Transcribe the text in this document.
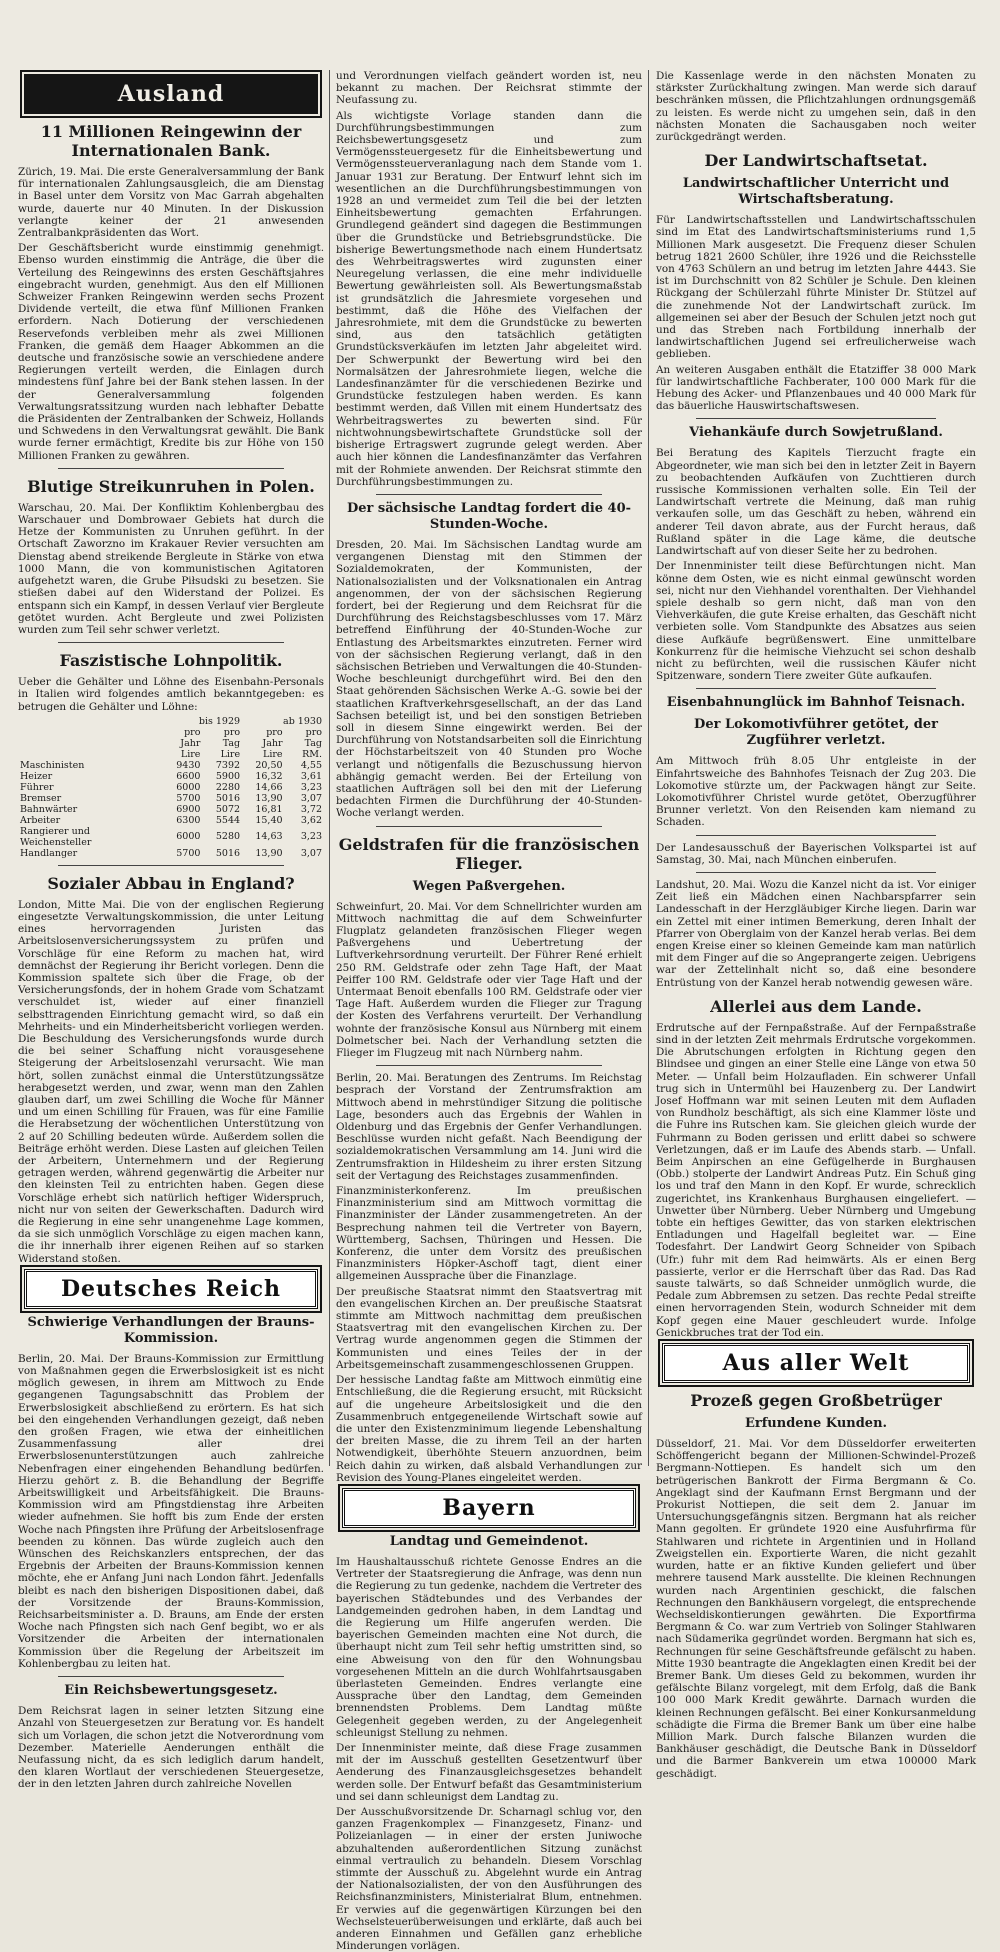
Ausland
11 Millionen Reingewinn der Internationalen Bank.

Zürich, 19. Mai. Die erste Generalversammlung der Bank für internationalen Zahlungsausgleich, die am Dienstag in Basel unter dem Vorsitz von Mac Garrah abgehalten wurde, dauerte nur 40 Minuten. In der Diskussion verlangte keiner der 21 anwesenden Zentralbankpräsidenten das Wort.

Der Geschäftsbericht wurde einstimmig genehmigt. Ebenso wurden einstimmig die Anträge, die über die Verteilung des Reingewinns des ersten Geschäftsjahres eingebracht wurden, genehmigt. Aus den elf Millionen Schweizer Franken Reingewinn werden sechs Prozent Dividende verteilt, die etwa fünf Millionen Franken erfordern. Nach Dotierung der verschiedenen Reservefonds verbleiben mehr als zwei Millionen Franken, die gemäß dem Haager Abkommen an die deutsche und französische sowie an verschiedene andere Regierungen verteilt werden, die Einlagen durch mindestens fünf Jahre bei der Bank stehen lassen. In der der Generalversammlung folgenden Verwaltungsratssitzung wurden nach lebhafter Debatte die Präsidenten der Zentralbanken der Schweiz, Hollands und Schwedens in den Verwaltungsrat gewählt. Die Bank wurde ferner ermächtigt, Kredite bis zur Höhe von 150 Millionen Franken zu gewähren.

Blutige Streikunruhen in Polen.

Warschau, 20. Mai. Der Konfliktim Kohlenbergbau des Warschauer und Dombrowaer Gebiets hat durch die Hetze der Kommunisten zu Unruhen geführt. In der Ortschaft Zaworzno im Krakauer Revier versuchten am Dienstag abend streikende Bergleute in Stärke von etwa 1000 Mann, die von kommunistischen Agitatoren aufgehetzt waren, die Grube Piłsudski zu besetzen. Sie stießen dabei auf den Widerstand der Polizei. Es entspann sich ein Kampf, in dessen Verlauf vier Bergleute getötet wurden. Acht Bergleute und zwei Polizisten wurden zum Teil sehr schwer verletzt.

Faszistische Lohnpolitik.

Ueber die Gehälter und Löhne des Eisenbahn-Personals in Italien wird folgendes amtlich bekanntgegeben: es betrugen die Gehälter und Löhne:

	bis 1929		ab 1930	
	pro Jahr	pro Tag	pro Jahr	pro Tag
	Lire	Lire	Lire	RM.
Maschinisten	9430	7392	20,50	4,55
Heizer	6600	5900	16,32	3,61
Führer	6000	2280	14,66	3,23
Bremser	5700	5016	13,90	3,07
Bahnwärter	6900	5072	16,81	3,72
Arbeiter	6300	5544	15,40	3,62
Rangierer und Weichensteller	6000	5280	14,63	3,23
Handlanger	5700	5016	13,90	3,07
Sozialer Abbau in England?

London, Mitte Mai. Die von der englischen Regierung eingesetzte Verwaltungskommission, die unter Leitung eines hervorragenden Juristen das Arbeitslosenversicherungssystem zu prüfen und Vorschläge für eine Reform zu machen hat, wird demnächst der Regierung ihr Bericht vorlegen. Denn die Kommission spaltete sich über die Frage, ob der Versicherungsfonds, der in hohem Grade vom Schatzamt verschuldet ist, wieder auf einer finanziell selbsttragenden Einrichtung gemacht wird, so daß ein Mehrheits- und ein Minderheitsbericht vorliegen werden. Die Beschuldung des Versicherungsfonds wurde durch die bei seiner Schaffung nicht vorausgesehene Steigerung der Arbeitslosenzahl verursacht. Wie man hört, sollen zunächst einmal die Unterstützungssätze herabgesetzt werden, und zwar, wenn man den Zahlen glauben darf, um zwei Schilling die Woche für Männer und um einen Schilling für Frauen, was für eine Familie die Herabsetzung der wöchentlichen Unterstützung von 2 auf 20 Schilling bedeuten würde. Außerdem sollen die Beiträge erhöht werden. Diese Lasten auf gleichen Teilen der Arbeitern, Unternehmern und der Regierung getragen werden, während gegenwärtig die Arbeiter nur den kleinsten Teil zu entrichten haben. Gegen diese Vorschläge erhebt sich natürlich heftiger Widerspruch, nicht nur von seiten der Gewerkschaften. Dadurch wird die Regierung in eine sehr unangenehme Lage kommen, da sie sich unmöglich Vorschläge zu eigen machen kann, die ihr innerhalb ihrer eigenen Reihen auf so starken Widerstand stoßen.

Deutsches Reich
Schwierige Verhandlungen der Brauns-Kommission.

Berlin, 20. Mai. Der Brauns-Kommission zur Ermittlung von Maßnahmen gegen die Erwerbslosigkeit ist es nicht möglich gewesen, in ihrem am Mittwoch zu Ende gegangenen Tagungsabschnitt das Problem der Erwerbslosigkeit abschließend zu erörtern. Es hat sich bei den eingehenden Verhandlungen gezeigt, daß neben den großen Fragen, wie etwa der einheitlichen Zusammenfassung aller drei Erwerbslosenunterstützungen auch zahlreiche Nebenfragen einer eingehenden Behandlung bedürfen. Hierzu gehört z. B. die Behandlung der Begriffe Arbeitswilligkeit und Arbeitsfähigkeit. Die Brauns-Kommission wird am Pfingstdienstag ihre Arbeiten wieder aufnehmen. Sie hofft bis zum Ende der ersten Woche nach Pfingsten ihre Prüfung der Arbeitslosenfrage beenden zu können. Das würde zugleich auch den Wünschen des Reichskanzlers entsprechen, der das Ergebnis der Arbeiten der Brauns-Kommission kennen möchte, ehe er Anfang Juni nach London fährt. Jedenfalls bleibt es nach den bisherigen Dispositionen dabei, daß der Vorsitzende der Brauns-Kommission, Reichsarbeitsminister a. D. Brauns, am Ende der ersten Woche nach Pfingsten sich nach Genf begibt, wo er als Vorsitzender die Arbeiten der internationalen Kommission über die Regelung der Arbeitszeit im Kohlenbergbau zu leiten hat.

Ein Reichsbewertungsgesetz.

Dem Reichsrat lagen in seiner letzten Sitzung eine Anzahl von Steuergesetzen zur Beratung vor. Es handelt sich um Vorlagen, die schon jetzt die Notverordnung vom Dezember. Materielle Aenderungen enthält die Neufassung nicht, da es sich lediglich darum handelt, den klaren Wortlaut der verschiedenen Steuergesetze, der in den letzten Jahren durch zahlreiche Novellen

und Verordnungen vielfach geändert worden ist, neu bekannt zu machen. Der Reichsrat stimmte der Neufassung zu.

Als wichtigste Vorlage standen dann die Durchführungsbestimmungen zum Reichsbewertungsgesetz und zum Vermögenssteuergesetz für die Einheitsbewertung und Vermögenssteuerveranlagung nach dem Stande vom 1. Januar 1931 zur Beratung. Der Entwurf lehnt sich im wesentlichen an die Durchführungsbestimmungen von 1928 an und vermeidet zum Teil die bei der letzten Einheitsbewertung gemachten Erfahrungen. Grundlegend geändert sind dagegen die Bestimmungen über die Grundstücke und Betriebsgrundstücke. Die bisherige Bewertungsmethode nach einem Hundertsatz des Wehrbeitragswertes wird zugunsten einer Neuregelung verlassen, die eine mehr individuelle Bewertung gewährleisten soll. Als Bewertungsmaßstab ist grundsätzlich die Jahresmiete vorgesehen und bestimmt, daß die Höhe des Vielfachen der Jahresrohmiete, mit dem die Grundstücke zu bewerten sind, aus den tatsächlich getätigten Grundstücksverkäufen im letzten Jahr abgeleitet wird. Der Schwerpunkt der Bewertung wird bei den Normalsätzen der Jahresrohmiete liegen, welche die Landesfinanzämter für die verschiedenen Bezirke und Grundstücke festzulegen haben werden. Es kann bestimmt werden, daß Villen mit einem Hundertsatz des Wehrbeitragswertes zu bewerten sind. Für nichtwohnungsbewirtschaftete Grundstücke soll der bisherige Ertragswert zugrunde gelegt werden. Aber auch hier können die Landesfinanzämter das Verfahren mit der Rohmiete anwenden. Der Reichsrat stimmte den Durchführungsbestimmungen zu.

Der sächsische Landtag fordert die 40-Stunden-Woche.

Dresden, 20. Mai. Im Sächsischen Landtag wurde am vergangenen Dienstag mit den Stimmen der Sozialdemokraten, der Kommunisten, der Nationalsozialisten und der Volksnationalen ein Antrag angenommen, der von der sächsischen Regierung fordert, bei der Regierung und dem Reichsrat für die Durchführung des Reichstagsbeschlusses vom 17. März betreffend Einführung der 40-Stunden-Woche zur Entlastung des Arbeitsmarktes einzutreten. Ferner wird von der sächsischen Regierung verlangt, daß in den sächsischen Betrieben und Verwaltungen die 40-Stunden-Woche beschleunigt durchgeführt wird. Bei den den Staat gehörenden Sächsischen Werke A.-G. sowie bei der staatlichen Kraftverkehrsgesellschaft, an der das Land Sachsen beteiligt ist, und bei den sonstigen Betrieben soll in diesem Sinne eingewirkt werden. Bei der Durchführung von Notstandsarbeiten soll die Einrichtung der Höchstarbeitszeit von 40 Stunden pro Woche verlangt und nötigenfalls die Bezuschussung hiervon abhängig gemacht werden. Bei der Erteilung von staatlichen Aufträgen soll bei den mit der Lieferung bedachten Firmen die Durchführung der 40-Stunden-Woche verlangt werden.

Geldstrafen für die französischen Flieger.
Wegen Paßvergehen.

Schweinfurt, 20. Mai. Vor dem Schnellrichter wurden am Mittwoch nachmittag die auf dem Schweinfurter Flugplatz gelandeten französischen Flieger wegen Paßvergehens und Uebertretung der Luftverkehrsordnung verurteilt. Der Führer René erhielt 250 RM. Geldstrafe oder zehn Tage Haft, der Maat Peiffer 100 RM. Geldstrafe oder vier Tage Haft und der Untermaat Benoit ebenfalls 100 RM. Geldstrafe oder vier Tage Haft. Außerdem wurden die Flieger zur Tragung der Kosten des Verfahrens verurteilt. Der Verhandlung wohnte der französische Konsul aus Nürnberg mit einem Dolmetscher bei. Nach der Verhandlung setzten die Flieger im Flugzeug mit nach Nürnberg nahm.

Berlin, 20. Mai. Beratungen des Zentrums. Im Reichstag besprach der Vorstand der Zentrumsfraktion am Mittwoch abend in mehrstündiger Sitzung die politische Lage, besonders auch das Ergebnis der Wahlen in Oldenburg und das Ergebnis der Genfer Verhandlungen. Beschlüsse wurden nicht gefaßt. Nach Beendigung der sozialdemokratischen Versammlung am 14. Juni wird die Zentrumsfraktion in Hildesheim zu ihrer ersten Sitzung seit der Vertagung des Reichstages zusammenfinden.

Finanzministerkonferenz. Im preußischen Finanzministerium sind am Mittwoch vormittag die Finanzminister der Länder zusammengetreten. An der Besprechung nahmen teil die Vertreter von Bayern, Württemberg, Sachsen, Thüringen und Hessen. Die Konferenz, die unter dem Vorsitz des preußischen Finanzministers Höpker-Aschoff tagt, dient einer allgemeinen Aussprache über die Finanzlage.

Der preußische Staatsrat nimmt den Staatsvertrag mit den evangelischen Kirchen an. Der preußische Staatsrat stimmte am Mittwoch nachmittag dem preußischen Staatsvertrag mit den evangelischen Kirchen zu. Der Vertrag wurde angenommen gegen die Stimmen der Kommunisten und eines Teiles der in der Arbeitsgemeinschaft zusammengeschlossenen Gruppen.

Der hessische Landtag faßte am Mittwoch einmütig eine Entschließung, die die Regierung ersucht, mit Rücksicht auf die ungeheure Arbeitslosigkeit und die den Zusammenbruch entgegeneilende Wirtschaft sowie auf die unter den Existenzminimum liegende Lebenshaltung der breiten Masse, die zu ihrem Teil an der harten Notwendigkeit, überhöhte Steuern anzuordnen, beim Reich dahin zu wirken, daß alsbald Verhandlungen zur Revision des Young-Planes eingeleitet werden.

Bayern
Landtag und Gemeindenot.

Im Haushaltausschuß richtete Genosse Endres an die Vertreter der Staatsregierung die Anfrage, was denn nun die Regierung zu tun gedenke, nachdem die Vertreter des bayerischen Städtebundes und des Verbandes der Landgemeinden gedrohen haben, in dem Landtag und die Regierung um Hilfe angerufen werden. Die bayerischen Gemeinden machten eine Not durch, die überhaupt nicht zum Teil sehr heftig umstritten sind, so eine Abweisung von den für den Wohnungsbau vorgesehenen Mitteln an die durch Wohlfahrtsausgaben überlasteten Gemeinden. Endres verlangte eine Aussprache über den Landtag, dem Gemeinden brennendsten Problems. Dem Landtag müßte Gelegenheit gegeben werden, zu der Angelegenheit schleunigst Stellung zu nehmen.

Der Innenminister meinte, daß diese Frage zusammen mit der im Ausschuß gestellten Gesetzentwurf über Aenderung des Finanzausgleichsgesetzes behandelt werden solle. Der Entwurf befaßt das Gesamtministerium und sei dann schleunigst dem Landtag zu.

Der Ausschußvorsitzende Dr. Scharnagl schlug vor, den ganzen Fragenkomplex — Finanzgesetz, Finanz- und Polizeianlagen — in einer der ersten Juniwoche abzuhaltenden außerordentlichen Sitzung zunächst einmal vertraulich zu behandeln. Diesem Vorschlag stimmte der Ausschuß zu. Abgelehnt wurde ein Antrag der Nationalsozialisten, der von den Ausführungen des Reichsfinanzministers, Ministerialrat Blum, entnehmen. Er verwies auf die gegenwärtigen Kürzungen bei den Wechselsteuerüberweisungen und erklärte, daß auch bei anderen Einnahmen und Gefällen ganz erhebliche Minderungen vorlägen.

Die Kassenlage werde in den nächsten Monaten zu stärkster Zurückhaltung zwingen. Man werde sich darauf beschränken müssen, die Pflichtzahlungen ordnungsgemäß zu leisten. Es werde nicht zu umgehen sein, daß in den nächsten Monaten die Sachausgaben noch weiter zurückgedrängt werden.

Der Landwirtschaftsetat.
Landwirtschaftlicher Unterricht und Wirtschaftsberatung.

Für Landwirtschaftsstellen und Landwirtschaftsschulen sind im Etat des Landwirtschaftsministeriums rund 1,5 Millionen Mark ausgesetzt. Die Frequenz dieser Schulen betrug 1821 2600 Schüler, ihre 1926 und die Reichsstelle von 4763 Schülern an und betrug im letzten Jahre 4443. Sie ist im Durchschnitt von 82 Schüler je Schule. Den kleinen Rückgang der Schülerzahl führte Minister Dr. Stützel auf die zunehmende Not der Landwirtschaft zurück. Im allgemeinen sei aber der Besuch der Schulen jetzt noch gut und das Streben nach Fortbildung innerhalb der landwirtschaftlichen Jugend sei erfreulicherweise wach geblieben.

An weiteren Ausgaben enthält die Etatziffer 38 000 Mark für landwirtschaftliche Fachberater, 100 000 Mark für die Hebung des Acker- und Pflanzenbaues und 40 000 Mark für das bäuerliche Hauswirtschaftswesen.

Viehankäufe durch Sowjetrußland.

Bei Beratung des Kapitels Tierzucht fragte ein Abgeordneter, wie man sich bei den in letzter Zeit in Bayern zu beobachtenden Aufkäufen von Zuchttieren durch russische Kommissionen verhalten solle. Ein Teil der Landwirtschaft vertrete die Meinung, daß man ruhig verkaufen solle, um das Geschäft zu heben, während ein anderer Teil davon abrate, aus der Furcht heraus, daß Rußland später in die Lage käme, die deutsche Landwirtschaft auf von dieser Seite her zu bedrohen.

Der Innenminister teilt diese Befürchtungen nicht. Man könne dem Osten, wie es nicht einmal gewünscht worden sei, nicht nur den Viehhandel vorenthalten. Der Viehhandel spiele deshalb so gern nicht, daß man von den Viehverkäufen, die gute Kreise erhalten, das Geschäft nicht verbieten solle. Vom Standpunkte des Absatzes aus seien diese Aufkäufe begrüßenswert. Eine unmittelbare Konkurrenz für die heimische Viehzucht sei schon deshalb nicht zu befürchten, weil die russischen Käufer nicht Spitzenware, sondern Tiere zweiter Güte aufkaufen.

Eisenbahnunglück im Bahnhof Teisnach.
Der Lokomotivführer getötet, der Zugführer verletzt.

Am Mittwoch früh 8.05 Uhr entgleiste in der Einfahrtsweiche des Bahnhofes Teisnach der Zug 203. Die Lokomotive stürzte um, der Packwagen hängt zur Seite. Lokomotivführer Christel wurde getötet, Oberzugführer Brunner verletzt. Von den Reisenden kam niemand zu Schaden.

Der Landesausschuß der Bayerischen Volkspartei ist auf Samstag, 30. Mai, nach München einberufen.

Landshut, 20. Mai. Wozu die Kanzel nicht da ist. Vor einiger Zeit ließ ein Mädchen einen Nachbarspfarrer sein Landesschaft in der Herzgläubiger Kirche liegen. Darin war ein Zettel mit einer intimen Bemerkung, deren Inhalt der Pfarrer von Oberglaim von der Kanzel herab verlas. Bei dem engen Kreise einer so kleinen Gemeinde kam man natürlich mit dem Finger auf die so Angeprangerte zeigen. Uebrigens war der Zettelinhalt nicht so, daß eine besondere Entrüstung von der Kanzel herab notwendig gewesen wäre.

Allerlei aus dem Lande.

Erdrutsche auf der Fernpaßstraße. Auf der Fernpaßstraße sind in der letzten Zeit mehrmals Erdrutsche vorgekommen. Die Abrutschungen erfolgten in Richtung gegen den Blindsee und gingen an einer Stelle eine Länge von etwa 50 Meter. — Unfall beim Holzaufladen. Ein schwerer Unfall trug sich in Untermühl bei Hauzenberg zu. Der Landwirt Josef Hoffmann war mit seinen Leuten mit dem Aufladen von Rundholz beschäftigt, als sich eine Klammer löste und die Fuhre ins Rutschen kam. Sie gleichen gleich wurde der Fuhrmann zu Boden gerissen und erlitt dabei so schwere Verletzungen, daß er im Laufe des Abends starb. — Unfall. Beim Anpirschen an eine Gefügelherde in Burghausen (Obb.) stolperte der Landwirt Andreas Putz. Ein Schuß ging los und traf den Mann in den Kopf. Er wurde, schrecklich zugerichtet, ins Krankenhaus Burghausen eingeliefert. — Unwetter über Nürnberg. Ueber Nürnberg und Umgebung tobte ein heftiges Gewitter, das von starken elektrischen Entladungen und Hagelfall begleitet war. — Eine Todesfahrt. Der Landwirt Georg Schneider von Spibach (Ufr.) fuhr mit dem Rad heimwärts. Als er einen Berg passierte, verlor er die Herrschaft über das Rad. Das Rad sauste talwärts, so daß Schneider unmöglich wurde, die Pedale zum Abbremsen zu setzen. Das rechte Pedal streifte einen hervorragenden Stein, wodurch Schneider mit dem Kopf gegen eine Mauer geschleudert wurde. Infolge Genickbruches trat der Tod ein.

Aus aller Welt
Prozeß gegen Großbetrüger
Erfundene Kunden.

Düsseldorf, 21. Mai. Vor dem Düsseldorfer erweiterten Schöffengericht begann der Millionen-Schwindel-Prozeß Bergmann-Nottiepen. Es handelt sich um den betrügerischen Bankrott der Firma Bergmann & Co. Angeklagt sind der Kaufmann Ernst Bergmann und der Prokurist Nottiepen, die seit dem 2. Januar im Untersuchungsgefängnis sitzen. Bergmann hat als reicher Mann gegolten. Er gründete 1920 eine Ausfuhrfirma für Stahlwaren und richtete in Argentinien und in Holland Zweigstellen ein. Exportierte Waren, die nicht gezahlt wurden, hatte er an fiktive Kunden geliefert und über mehrere tausend Mark ausstellte. Die kleinen Rechnungen wurden nach Argentinien geschickt, die falschen Rechnungen den Bankhäusern vorgelegt, die entsprechende Wechseldiskontierungen gewährten. Die Exportfirma Bergmann & Co. war zum Vertrieb von Solinger Stahlwaren nach Südamerika gegründet worden. Bergmann hat sich es, Rechnungen für seine Geschäftsfreunde gefälscht zu haben. Mitte 1930 beantragte die Angeklagten einen Kredit bei der Bremer Bank. Um dieses Geld zu bekommen, wurden ihr gefälschte Bilanz vorgelegt, mit dem Erfolg, daß die Bank 100 000 Mark Kredit gewährte. Darnach wurden die kleinen Rechnungen gefälscht. Bei einer Konkursanmeldung schädigte die Firma die Bremer Bank um über eine halbe Million Mark. Durch falsche Bilanzen wurden die Bankhäuser geschädigt, die Deutsche Bank in Düsseldorf und die Barmer Bankverein um etwa 100000 Mark geschädigt.
